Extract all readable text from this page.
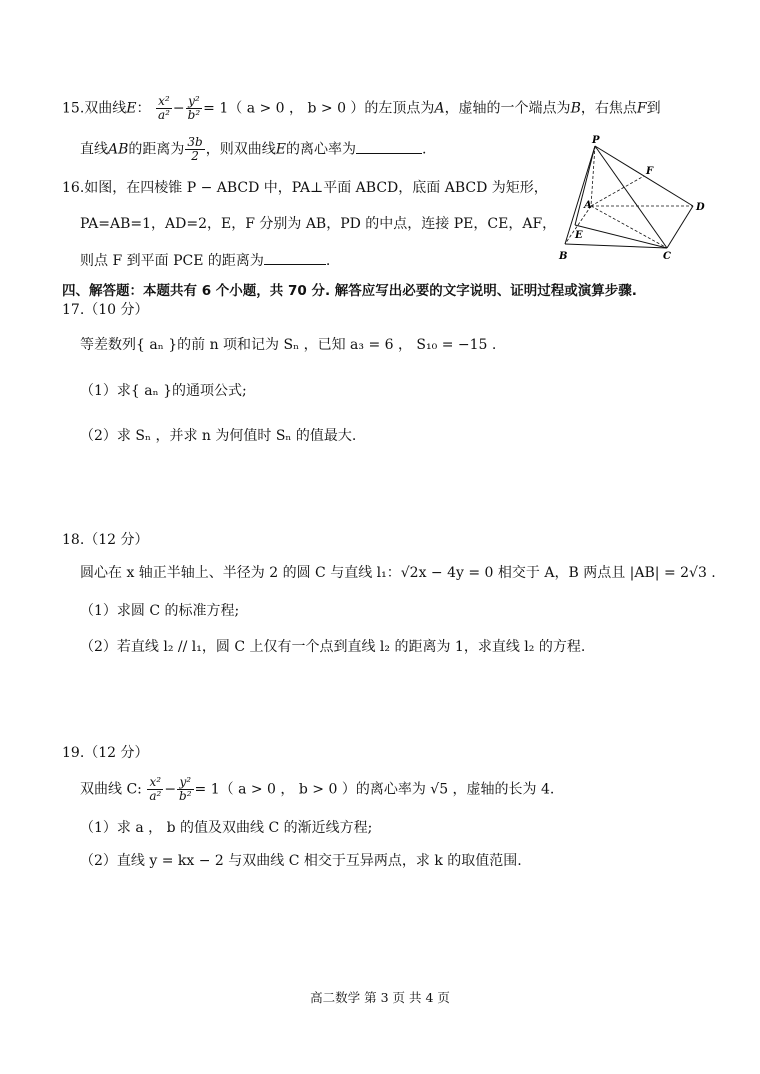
15.双曲线E： $\frac{\text{x²}}{\text{a²}} - \frac{\text{y²}}{\text{b²}} = 1$（ a > 0 ， b > 0 ）的左顶点为A，虚轴的一个端点为B，右焦点F到
直线AB的距离为 $\frac{3b}{2}$ ，则双曲线E的离心率为	.
16.如图，在四棱锥 P − ABCD 中，PA⊥平面 ABCD，底面 ABCD 为矩形，
PA=AB=1，AD=2，E，F 分别为 AB，PD 的中点，连接 PE，CE，AF，
则点 F 到平面 PCE 的距离为	.
P
F
A	D
E
B	C
四、解答题：本题共有 6 个小题，共 70 分. 解答应写出必要的文字说明、证明过程或演算步骤.
17.（10 分）
等差数列{ aₙ }的前 n 项和记为 Sₙ ，已知 a₃ = 6 ， S₁₀ = −15 .
（1）求{ aₙ }的通项公式;
（2）求 Sₙ ，并求 n 为何值时 Sₙ 的值最大.
18.（12 分）
圆心在 x 轴正半轴上、半径为 2 的圆 C 与直线 l₁：√2x − 4y = 0 相交于 A，B 两点且 |AB| = 2√3 .
（1）求圆 C 的标准方程;
（2）若直线 l₂ // l₁，圆 C 上仅有一个点到直线 l₂ 的距离为 1，求直线 l₂ 的方程.
19.（12 分）
双曲线 C: $\frac{\text{x²}}{\text{a²}} - \frac{\text{y²}}{\text{b²}} = 1$（ a > 0 ， b > 0 ）的离心率为 √5 ，虚轴的长为 4.
（1）求 a ， b 的值及双曲线 C 的渐近线方程;
（2）直线 y = kx − 2 与双曲线 C 相交于互异两点，求 k 的取值范围.
高二数学 第 3 页 共 4 页
